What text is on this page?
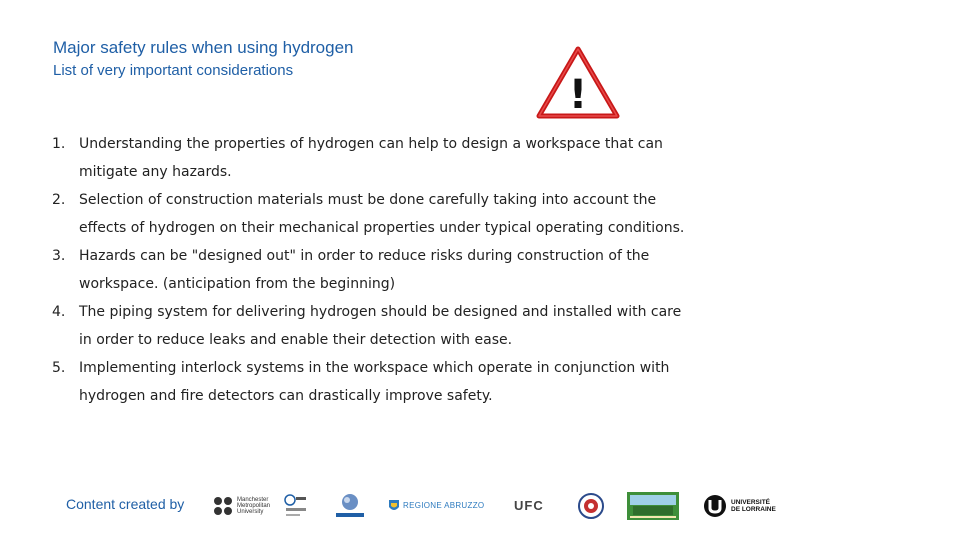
Major safety rules when using hydrogen
List of very important considerations
!
1. Understanding the properties of hydrogen can help to design a workspace that can mitigate any hazards.
2. Selection of construction materials must be done carefully taking into account the effects of hydrogen on their mechanical properties under typical operating conditions.
3. Hazards can be "designed out" in order to reduce risks during construction of the workspace. (anticipation from the beginning)
4. The piping system for delivering hydrogen should be designed and installed with care in order to reduce leaks and enable their detection with ease.
5. Implementing interlock systems in the workspace which operate in conjunction with hydrogen and fire detectors can drastically improve safety.
Content created by	Manchester Metropolitan University
REGIONE ABRUZZO UFC	UNIVERSITÉ DE LORRAINE
